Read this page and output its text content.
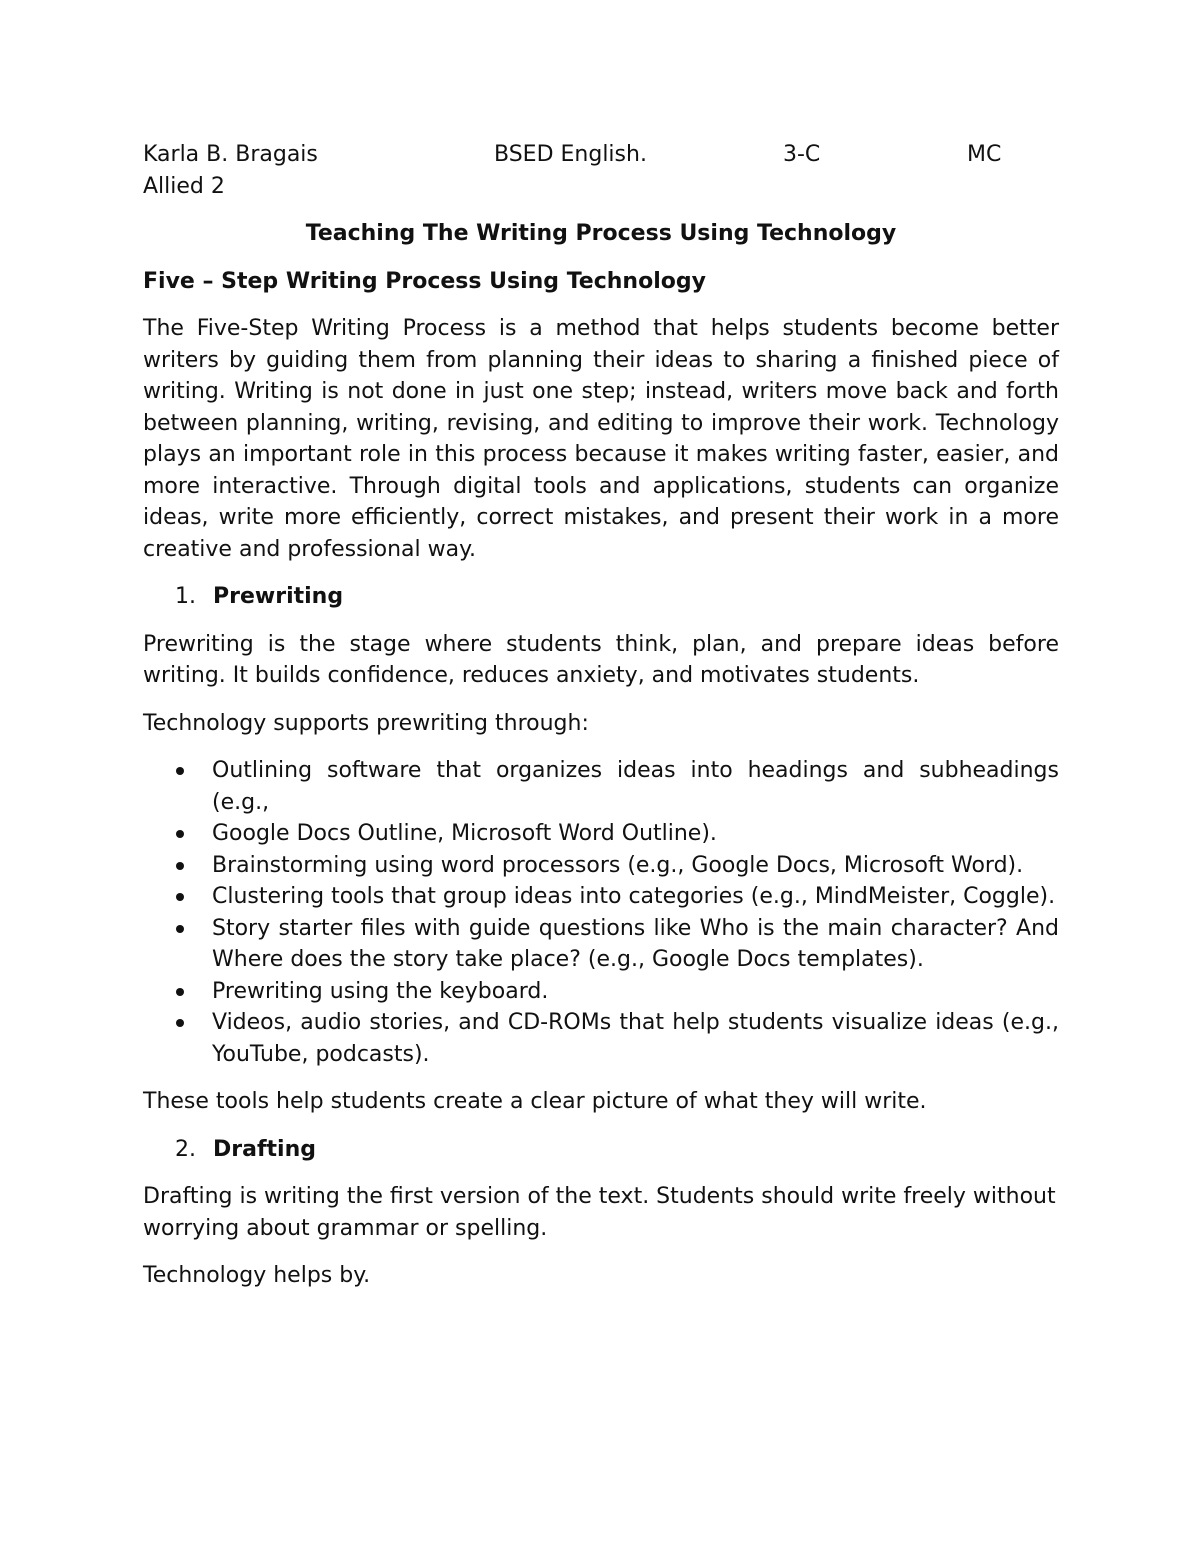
Karla B. Bragais	BSED English.	3-C	MC
Allied 2
Teaching The Writing Process Using Technology
Five – Step Writing Process Using Technology

The Five-Step Writing Process is a method that helps students become better writers by guiding them from planning their ideas to sharing a finished piece of writing. Writing is not done in just one step; instead, writers move back and forth between planning, writing, revising, and editing to improve their work. Technology plays an important role in this process because it makes writing faster, easier, and more interactive. Through digital tools and applications, students can organize ideas, write more efficiently, correct mistakes, and present their work in a more creative and professional way.

1. Prewriting

Prewriting is the stage where students think, plan, and prepare ideas before writing. It builds confidence, reduces anxiety, and motivates students.

Technology supports prewriting through:

Outlining software that organizes ideas into headings and subheadings (e.g.,
Google Docs Outline, Microsoft Word Outline).
Brainstorming using word processors (e.g., Google Docs, Microsoft Word).
Clustering tools that group ideas into categories (e.g., MindMeister, Coggle).
Story starter files with guide questions like Who is the main character? And Where does the story take place? (e.g., Google Docs templates).
Prewriting using the keyboard.
Videos, audio stories, and CD-ROMs that help students visualize ideas (e.g., YouTube, podcasts).

These tools help students create a clear picture of what they will write.

2. Drafting

Drafting is writing the first version of the text. Students should write freely without worrying about grammar or spelling.

Technology helps by.
